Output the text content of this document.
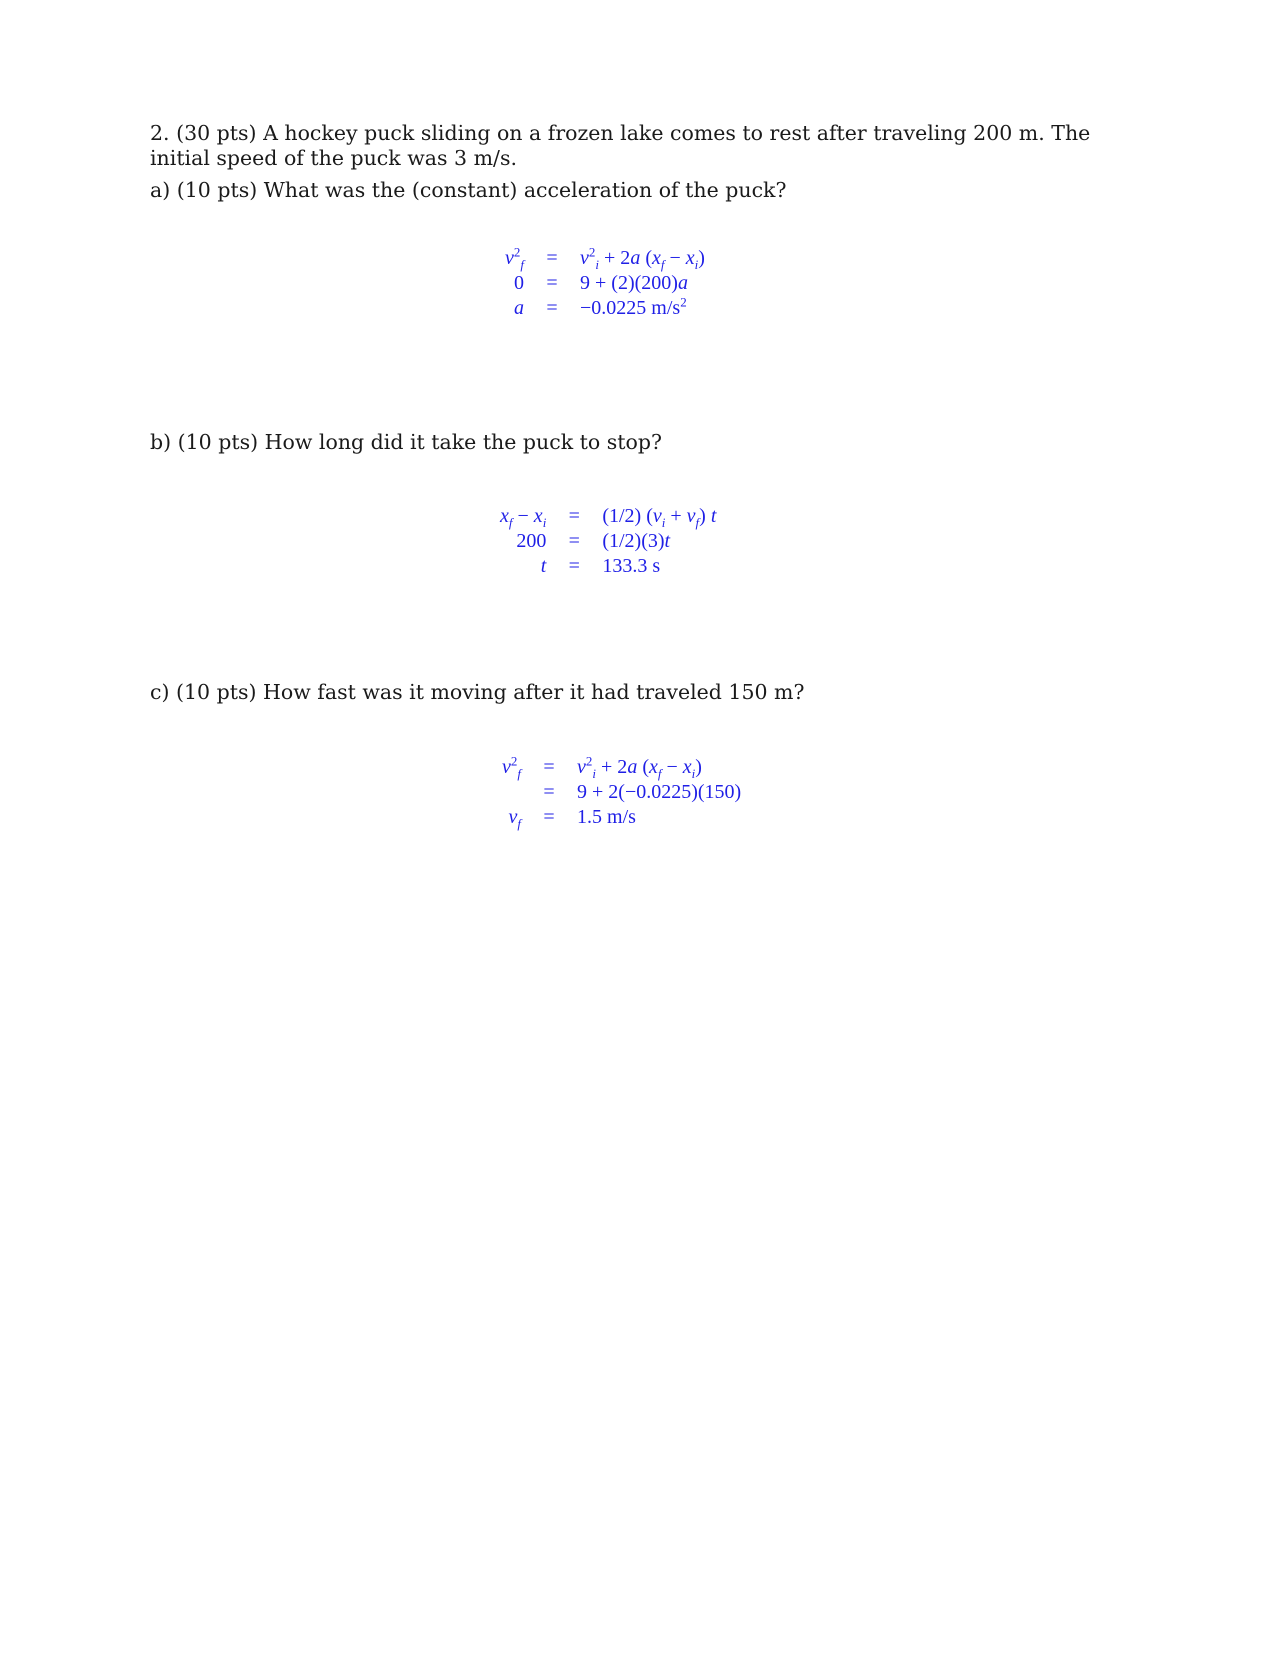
2. (30 pts) A hockey puck sliding on a frozen lake comes to rest after traveling 200 m. The initial speed of the puck was 3 m/s.
a) (10 pts) What was the (constant) acceleration of the puck?
$v^2_f$	=	$v^2_i + 2a$ $(x_f - x_i)$
0	=	9 + (2)(200)a
a	=	−0.0225 $m/s^2$
b) (10 pts) How long did it take the puck to stop?
$x_f - x_i$	=	(1/2) $(v_i + v_f)$ t
200	=	(1/2)(3)t
t	=	133.3 s
c) (10 pts) How fast was it moving after it had traveled 150 m?
$v^2_f$	=	$v^2_i + 2a$ $(x_f - x_i)$
	=	9 + 2(−0.0225)(150)
$v_f$	=	1.5 m/s
